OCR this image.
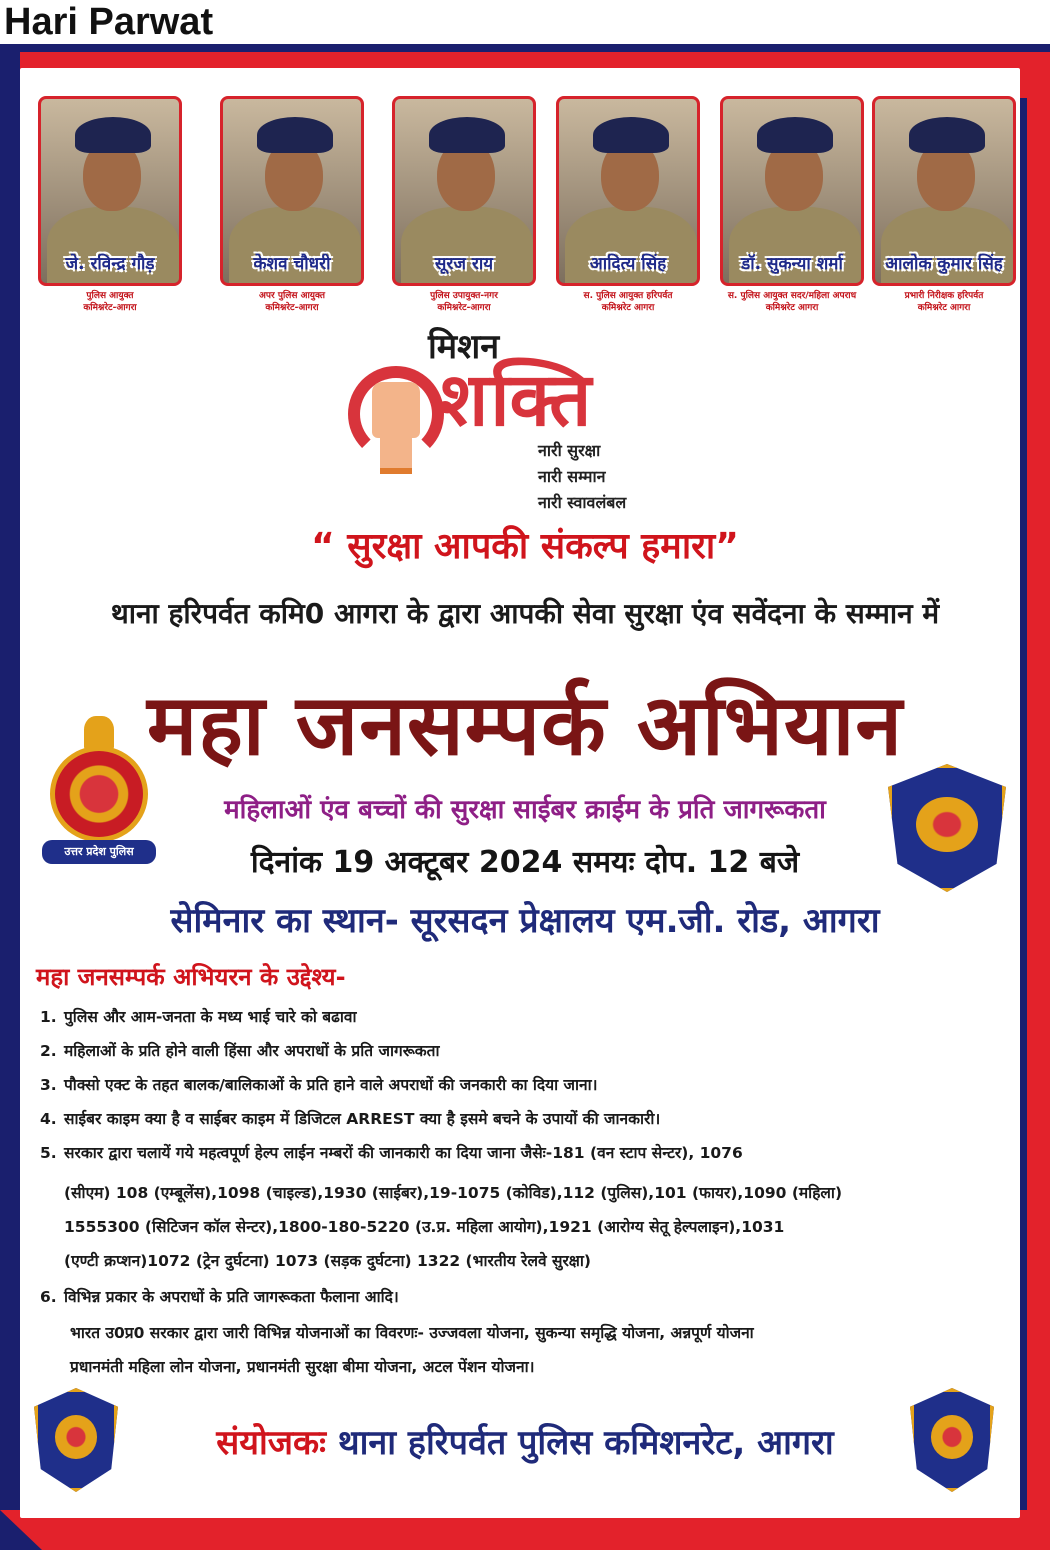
Hari Parwat
जे. रविन्द्र गौड़
पुलिस आयुक्त
कमिश्नरेट-आगरा
केशव चौधरी
अपर पुलिस आयुक्त
कमिश्नरेट-आगरा
सूरज राय
पुलिस उपायुक्त-नगर
कमिश्नरेट-आगरा
आदित्य सिंह
स. पुलिस आयुक्त हरिपर्वत
कमिश्नरेट आगरा
डॉ. सुकन्या शर्मा
स. पुलिस आयुक्त सदर/महिला अपराध
कमिश्नरेट आगरा
आलोक कुमार सिंह
प्रभारी निरीक्षक हरिपर्वत
कमिश्नरेट आगरा
मिशन
शक्ति
नारी सुरक्षा
नारी सम्मान
नारी स्वावलंबल
“ सुरक्षा आपकी संकल्प हमारा”
थाना हरिपर्वत कमि0 आगरा के द्वारा आपकी सेवा सुरक्षा एंव सवेंदना के सम्मान में
महा जनसम्पर्क अभियान
महिलाओं एंव बच्चों की सुरक्षा साईबर क्राईम के प्रति जागरूकता
दिनांक 19 अक्टूबर 2024 समयः दोप. 12 बजे
सेमिनार का स्थान- सूरसदन प्रेक्षालय एम.जी. रोड, आगरा
उत्तर प्रदेश पुलिस
महा जनसम्पर्क अभियरन के उद्देश्य-
1. पुलिस और आम-जनता के मध्य भाई चारे को बढावा
2. महिलाओं के प्रति होने वाली हिंसा और अपराधों के प्रति जागरूकता
3. पौक्सो एक्ट के तहत बालक/बालिकाओं के प्रति हाने वाले अपराधों की जनकारी का दिया जाना।
4. साईबर काइम क्या है व साईबर काइम में डिजिटल ARREST क्या है इसमे बचने के उपायों की जानकारी।
5. सरकार द्वारा चलायें गये महत्वपूर्ण हेल्प लाईन नम्बरों की जानकारी का दिया जाना जैसेः-181 (वन स्टाप सेन्टर), 1076
(सीएम) 108 (एम्बूलेंस),1098 (चाइल्ड),1930 (साईबर),19-1075 (कोविड),112 (पुलिस),101 (फायर),1090 (महिला)
1555300 (सिटिजन कॉल सेन्टर),1800-180-5220 (उ.प्र. महिला आयोग),1921 (आरोग्य सेतू हेल्पलाइन),1031
(एण्टी क्रप्शन)1072 (ट्रेन दुर्घटना) 1073 (सड़क दुर्घटना) 1322 (भारतीय रेलवे सुरक्षा)
6. विभिन्न प्रकार के अपराधों के प्रति जागरूकता फैलाना आदि।
भारत उ0प्र0 सरकार द्वारा जारी विभिन्न योजनाओं का विवरणः- उज्जवला योजना, सुकन्या समृद्धि योजना, अन्नपूर्ण योजना
प्रधानमंती महिला लोन योजना, प्रधानमंती सुरक्षा बीमा योजना, अटल पेंशन योजना।
संयोजकः थाना हरिपर्वत पुलिस कमिशनरेट, आगरा
